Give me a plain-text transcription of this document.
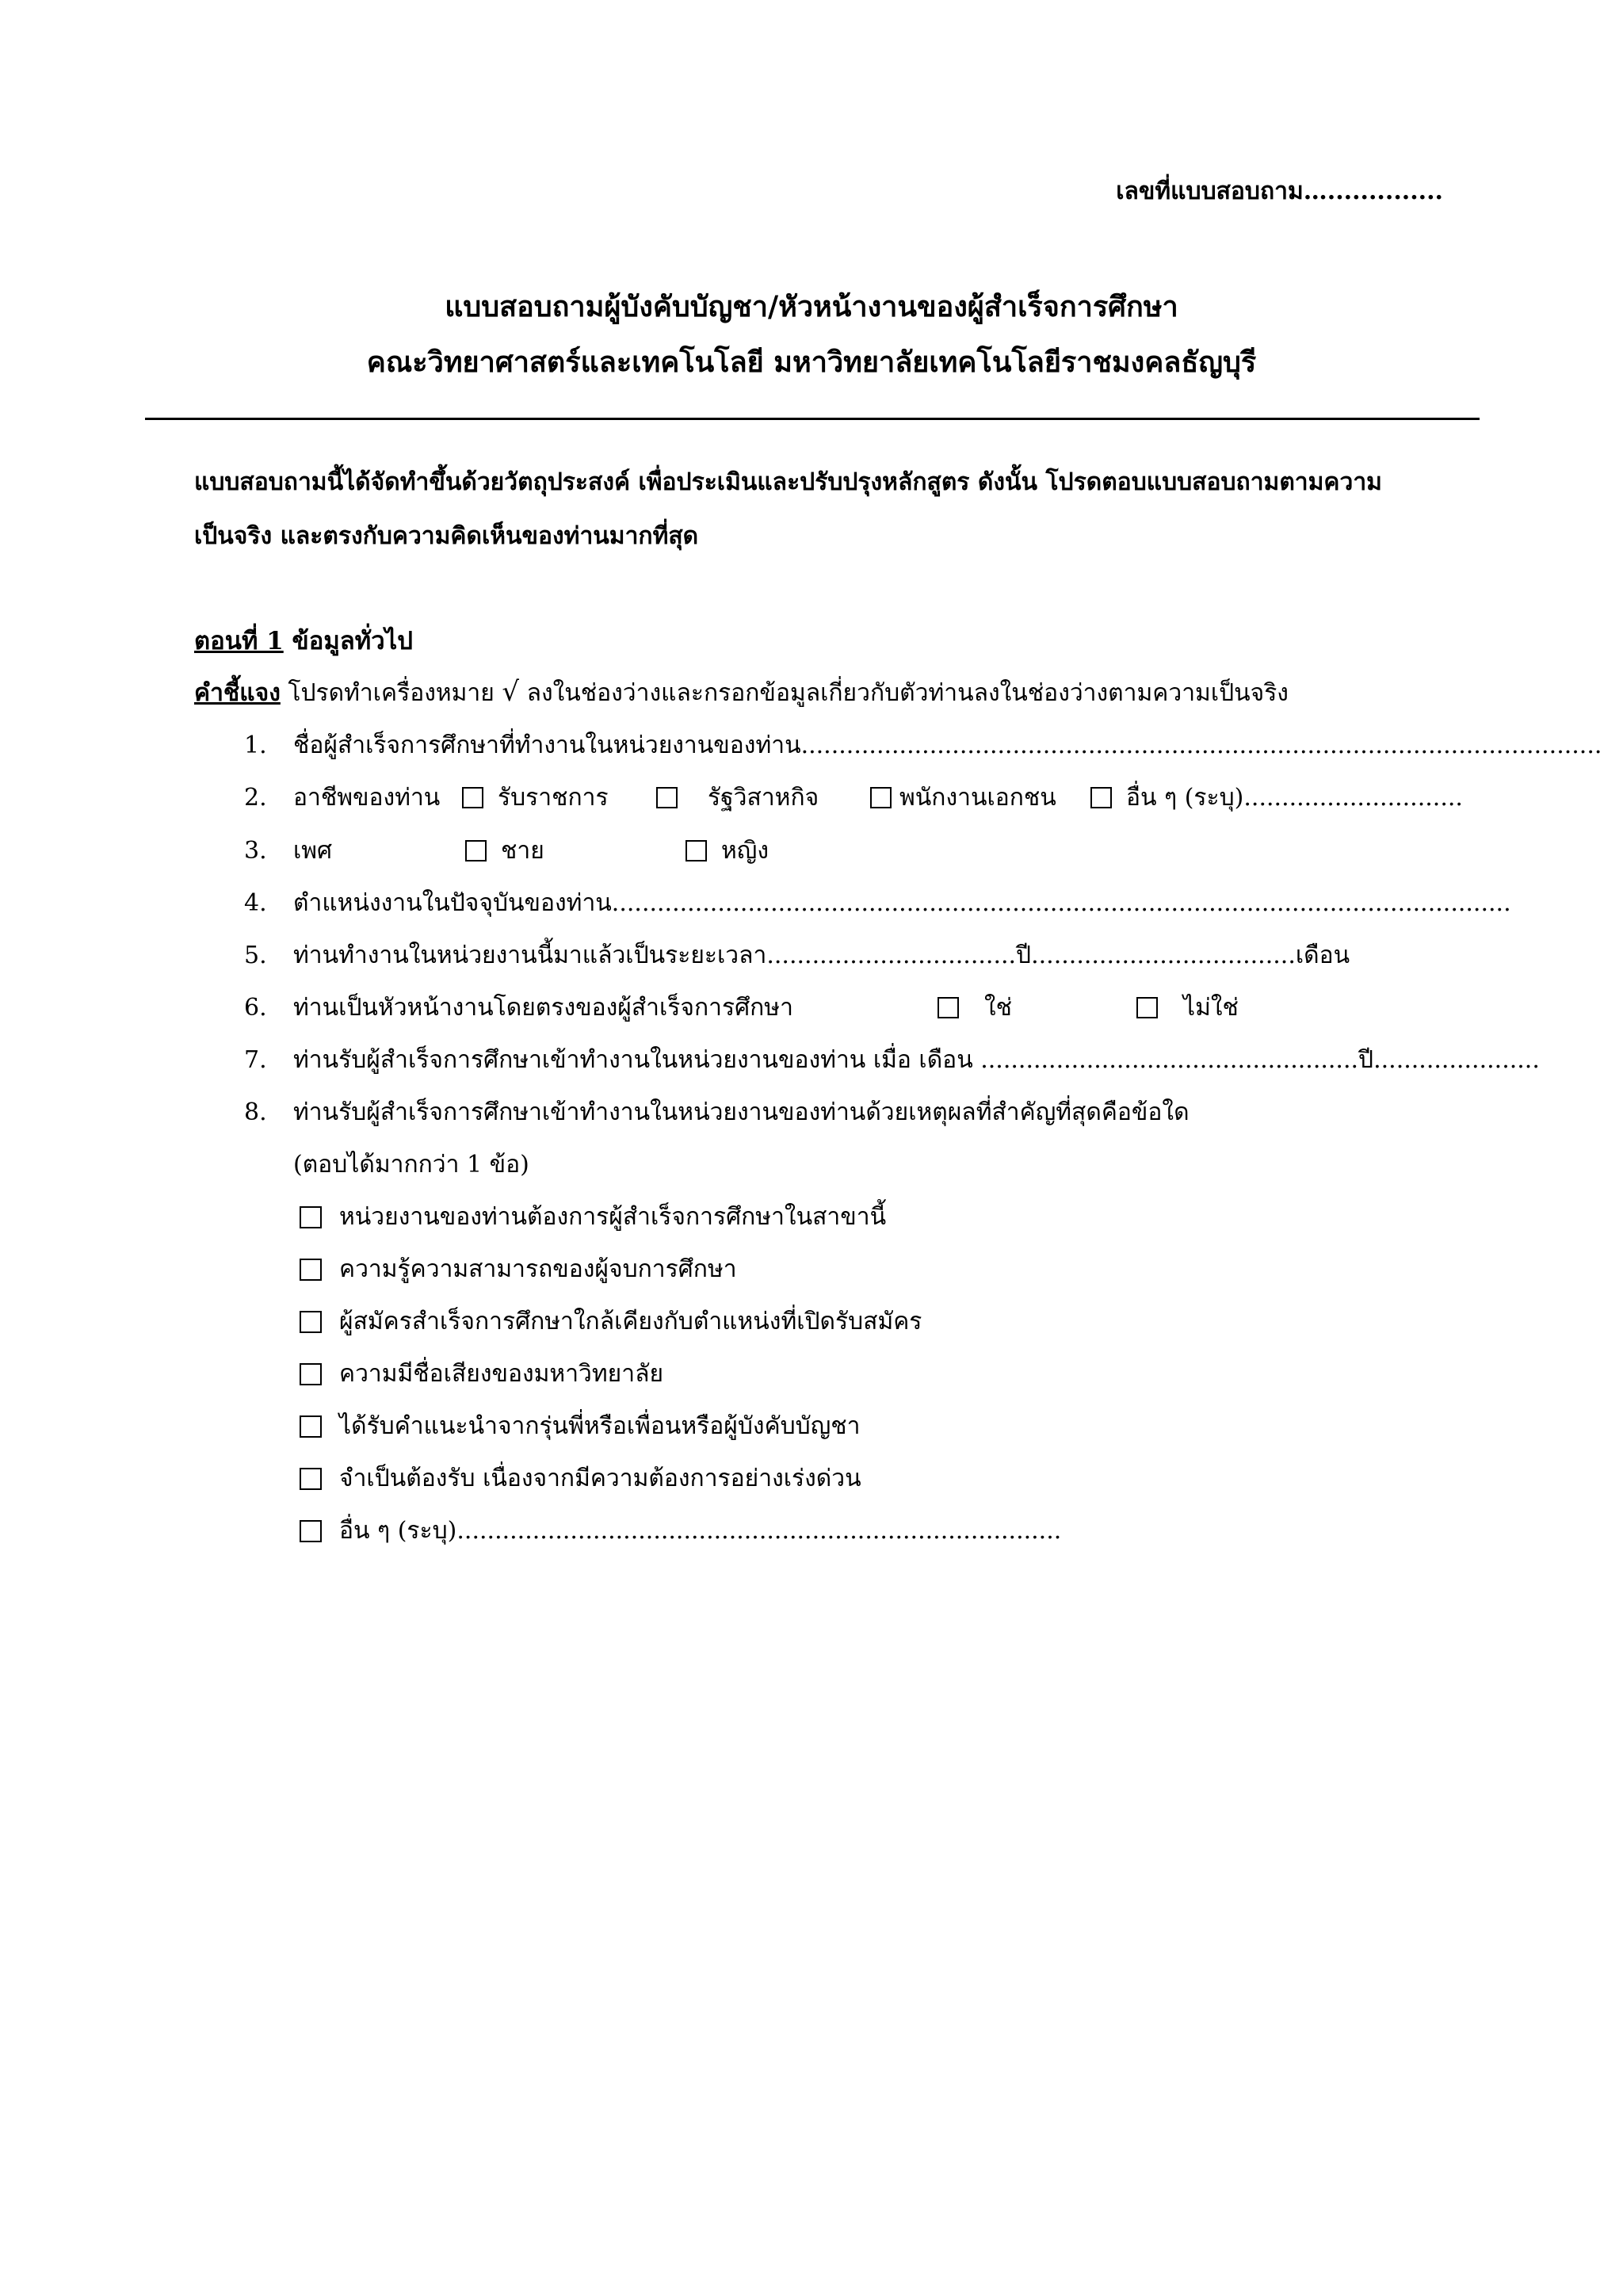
เลขที่แบบสอบถาม…..............
แบบสอบถามผู้บังคับบัญชา/หัวหน้างานของผู้สำเร็จการศึกษา
คณะวิทยาศาสตร์และเทคโนโลยี มหาวิทยาลัยเทคโนโลยีราชมงคลธัญบุรี
แบบสอบถามนี้ได้จัดทำขึ้นด้วยวัตถุประสงค์ เพื่อประเมินและปรับปรุงหลักสูตร ดังนั้น โปรดตอบแบบสอบถามตามความ
เป็นจริง และตรงกับความคิดเห็นของท่านมากที่สุด
ตอนที่ 1 ข้อมูลทั่วไป
คำชี้แจง โปรดทำเครื่องหมาย √ ลงในช่องว่างและกรอกข้อมูลเกี่ยวกับตัวท่านลงในช่องว่างตามความเป็นจริง
1. ชื่อผู้สำเร็จการศึกษาที่ทำงานในหน่วยงานของท่าน..........................................................................................................
2. อาชีพของท่าน รับราชการ	รัฐวิสาหกิจ	พนักงานเอกชน	อื่น ๆ (ระบุ).............................
3. เพศ	ชาย	หญิง
4. ตำแหน่งงานในปัจจุบันของท่าน.......................................................................................................................
5. ท่านทำงานในหน่วยงานนี้มาแล้วเป็นระยะเวลา.................................ปี...................................เดือน
6. ท่านเป็นหัวหน้างานโดยตรงของผู้สำเร็จการศึกษา	ใช่	ไม่ใช่
7. ท่านรับผู้สำเร็จการศึกษาเข้าทำงานในหน่วยงานของท่าน เมื่อ เดือน ..................................................ปี......................
8. ท่านรับผู้สำเร็จการศึกษาเข้าทำงานในหน่วยงานของท่านด้วยเหตุผลที่สำคัญที่สุดคือข้อใด
(ตอบได้มากกว่า 1 ข้อ)
หน่วยงานของท่านต้องการผู้สำเร็จการศึกษาในสาขานี้
ความรู้ความสามารถของผู้จบการศึกษา
ผู้สมัครสำเร็จการศึกษาใกล้เคียงกับตำแหน่งที่เปิดรับสมัคร
ความมีชื่อเสียงของมหาวิทยาลัย
ได้รับคำแนะนำจากรุ่นพี่หรือเพื่อนหรือผู้บังคับบัญชา
จำเป็นต้องรับ เนื่องจากมีความต้องการอย่างเร่งด่วน
อื่น ๆ (ระบุ)................................................................................
